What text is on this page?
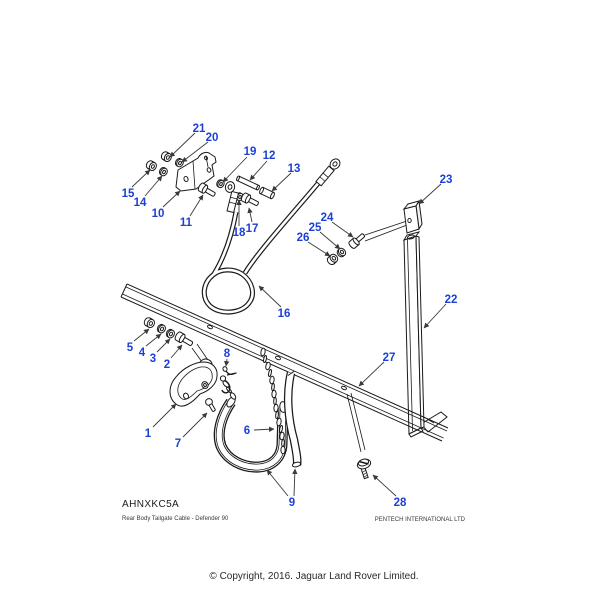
1
2
3
4
5
6
7
8
9
10
11
12
13
14
15
16
17
18
19
20
21
22
23
24
25
26
27
28
AHNXKC5A
Rear Body Tailgate Cable - Defender 90	PENTECH INTERNATIONAL LTD
© Copyright, 2016. Jaguar Land Rover Limited.
